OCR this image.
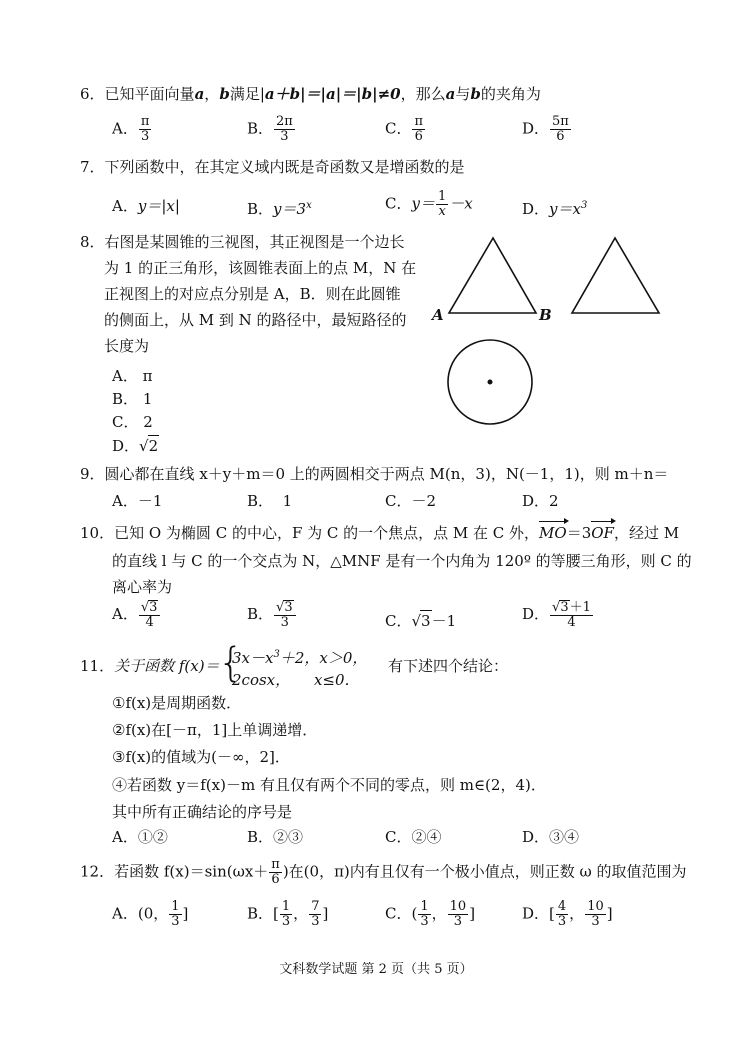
6．已知平面向量a，b满足|a＋b|＝|a|＝|b|≠0，那么a与b的夹角为
A． $\frac{\pi}{3}$	B． $\frac{2\pi}{3}$	C． $\frac{\pi}{6}$	D． $\frac{5\pi}{6}$
7．下列函数中，在其定义域内既是奇函数又是增函数的是
A．y＝|x|	B．$y=3^x$	C．$y= \frac{1}{x} -x$	D．$y=x^3$
8．右图是某圆锥的三视图，其正视图是一个边长
为 1 的正三角形，该圆锥表面上的点 M，N 在
正视图上的对应点分别是 A，B．则在此圆锥
的侧面上，从 M 到 N 的路径中，最短路径的
长度为
A． π
B． 1
C． 2
D．√2
A	B
9．圆心都在直线 x＋y＋m＝0 上的两圆相交于两点 M(n，3)，N(－1，1)，则 m＋n＝
A．－1	B． 1	C．－2	D．2
10．已知 O 为椭圆 C 的中心，F 为 C 的一个焦点，点 M 在 C 外，MO＝3OF，经过 M
的直线 l 与 C 的一个交点为 N，△MNF 是有一个内角为 120º 的等腰三角形，则 C 的
离心率为
A． $\frac{√3}{4}$	B． $\frac{√3}{3}$	C．√3－1	D． $\frac{√3+1}{4}$
11．关于函数 f(x)＝
{
$3x-x^3+2$，x＞0，
2cosx，     x≤0．
有下述四个结论：
①f(x)是周期函数．
②f(x)在[－π，1]上单调递增．
③f(x)的值域为(－∞，2]．
④若函数 y＝f(x)－m 有且仅有两个不同的零点，则 m∈(2，4)．
其中所有正确结论的序号是
A．①②	B．②③	C．②④	D．③④
12．若函数 $f(x)=\sin(\omega x+ \frac{\pi}{6}$ )在(0，π)内有且仅有一个极小值点，则正数 ω 的取值范围为
A．(0， $\frac{1}{3}$ ]	B．[ $\frac{1}{3}$ ， $\frac{7}{3}$ ]	C．( $\frac{1}{3}$ ， $\frac{10}{3}$ ]	D．[ $\frac{4}{3}$ ， $\frac{10}{3}$ ]
文科数学试题 第 2 页（共 5 页）
